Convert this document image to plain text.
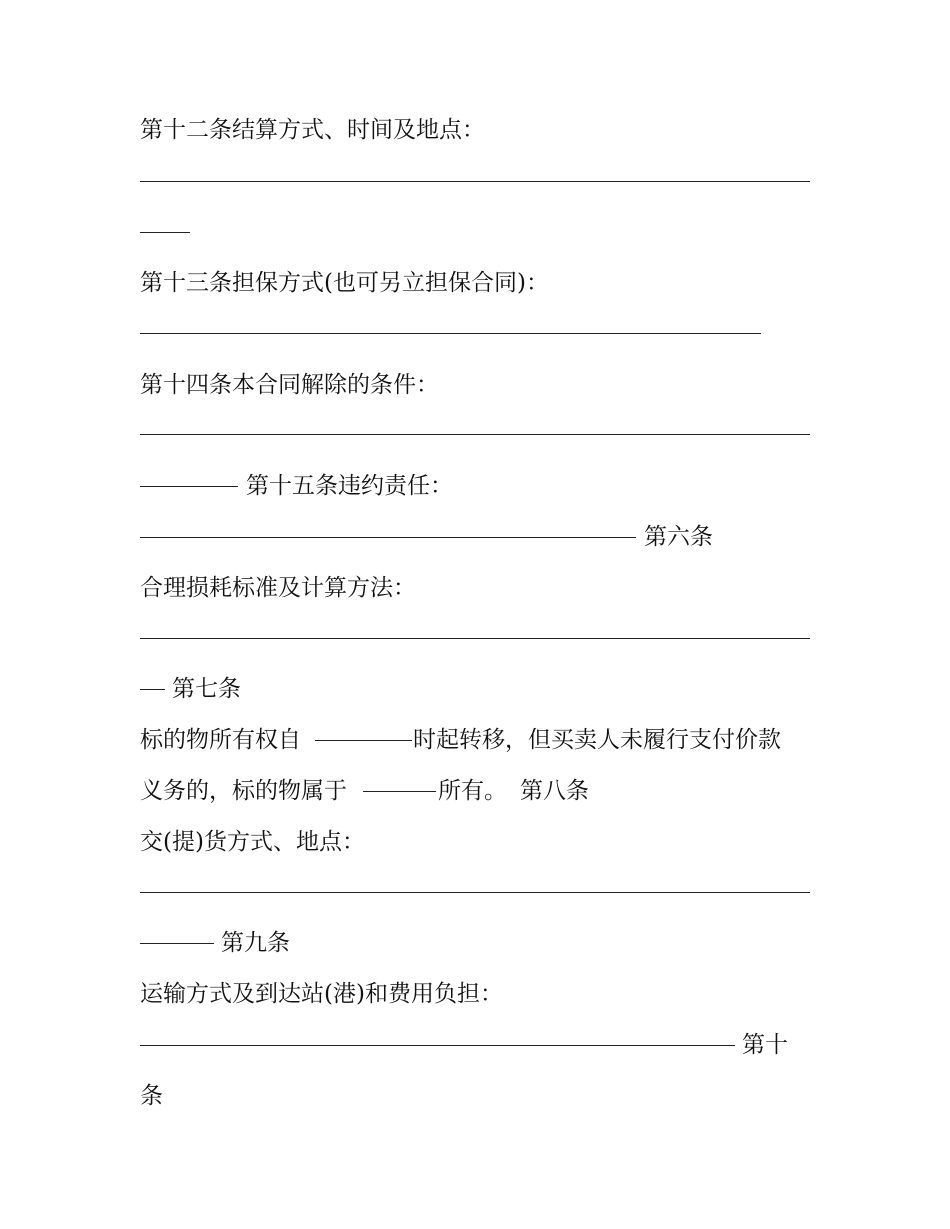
第十二条结算方式、时间及地点：
第十三条担保方式(也可另立担保合同)：
第十四条本合同解除的条件：
第十五条违约责任：
第六条
合理损耗标准及计算方法：
第七条
标的物所有权自	时起转移，但买卖人未履行支付价款
义务的，标的物属于	所有。 第八条
交(提)货方式、地点：
第九条
运输方式及到达站(港)和费用负担：
第十
条
